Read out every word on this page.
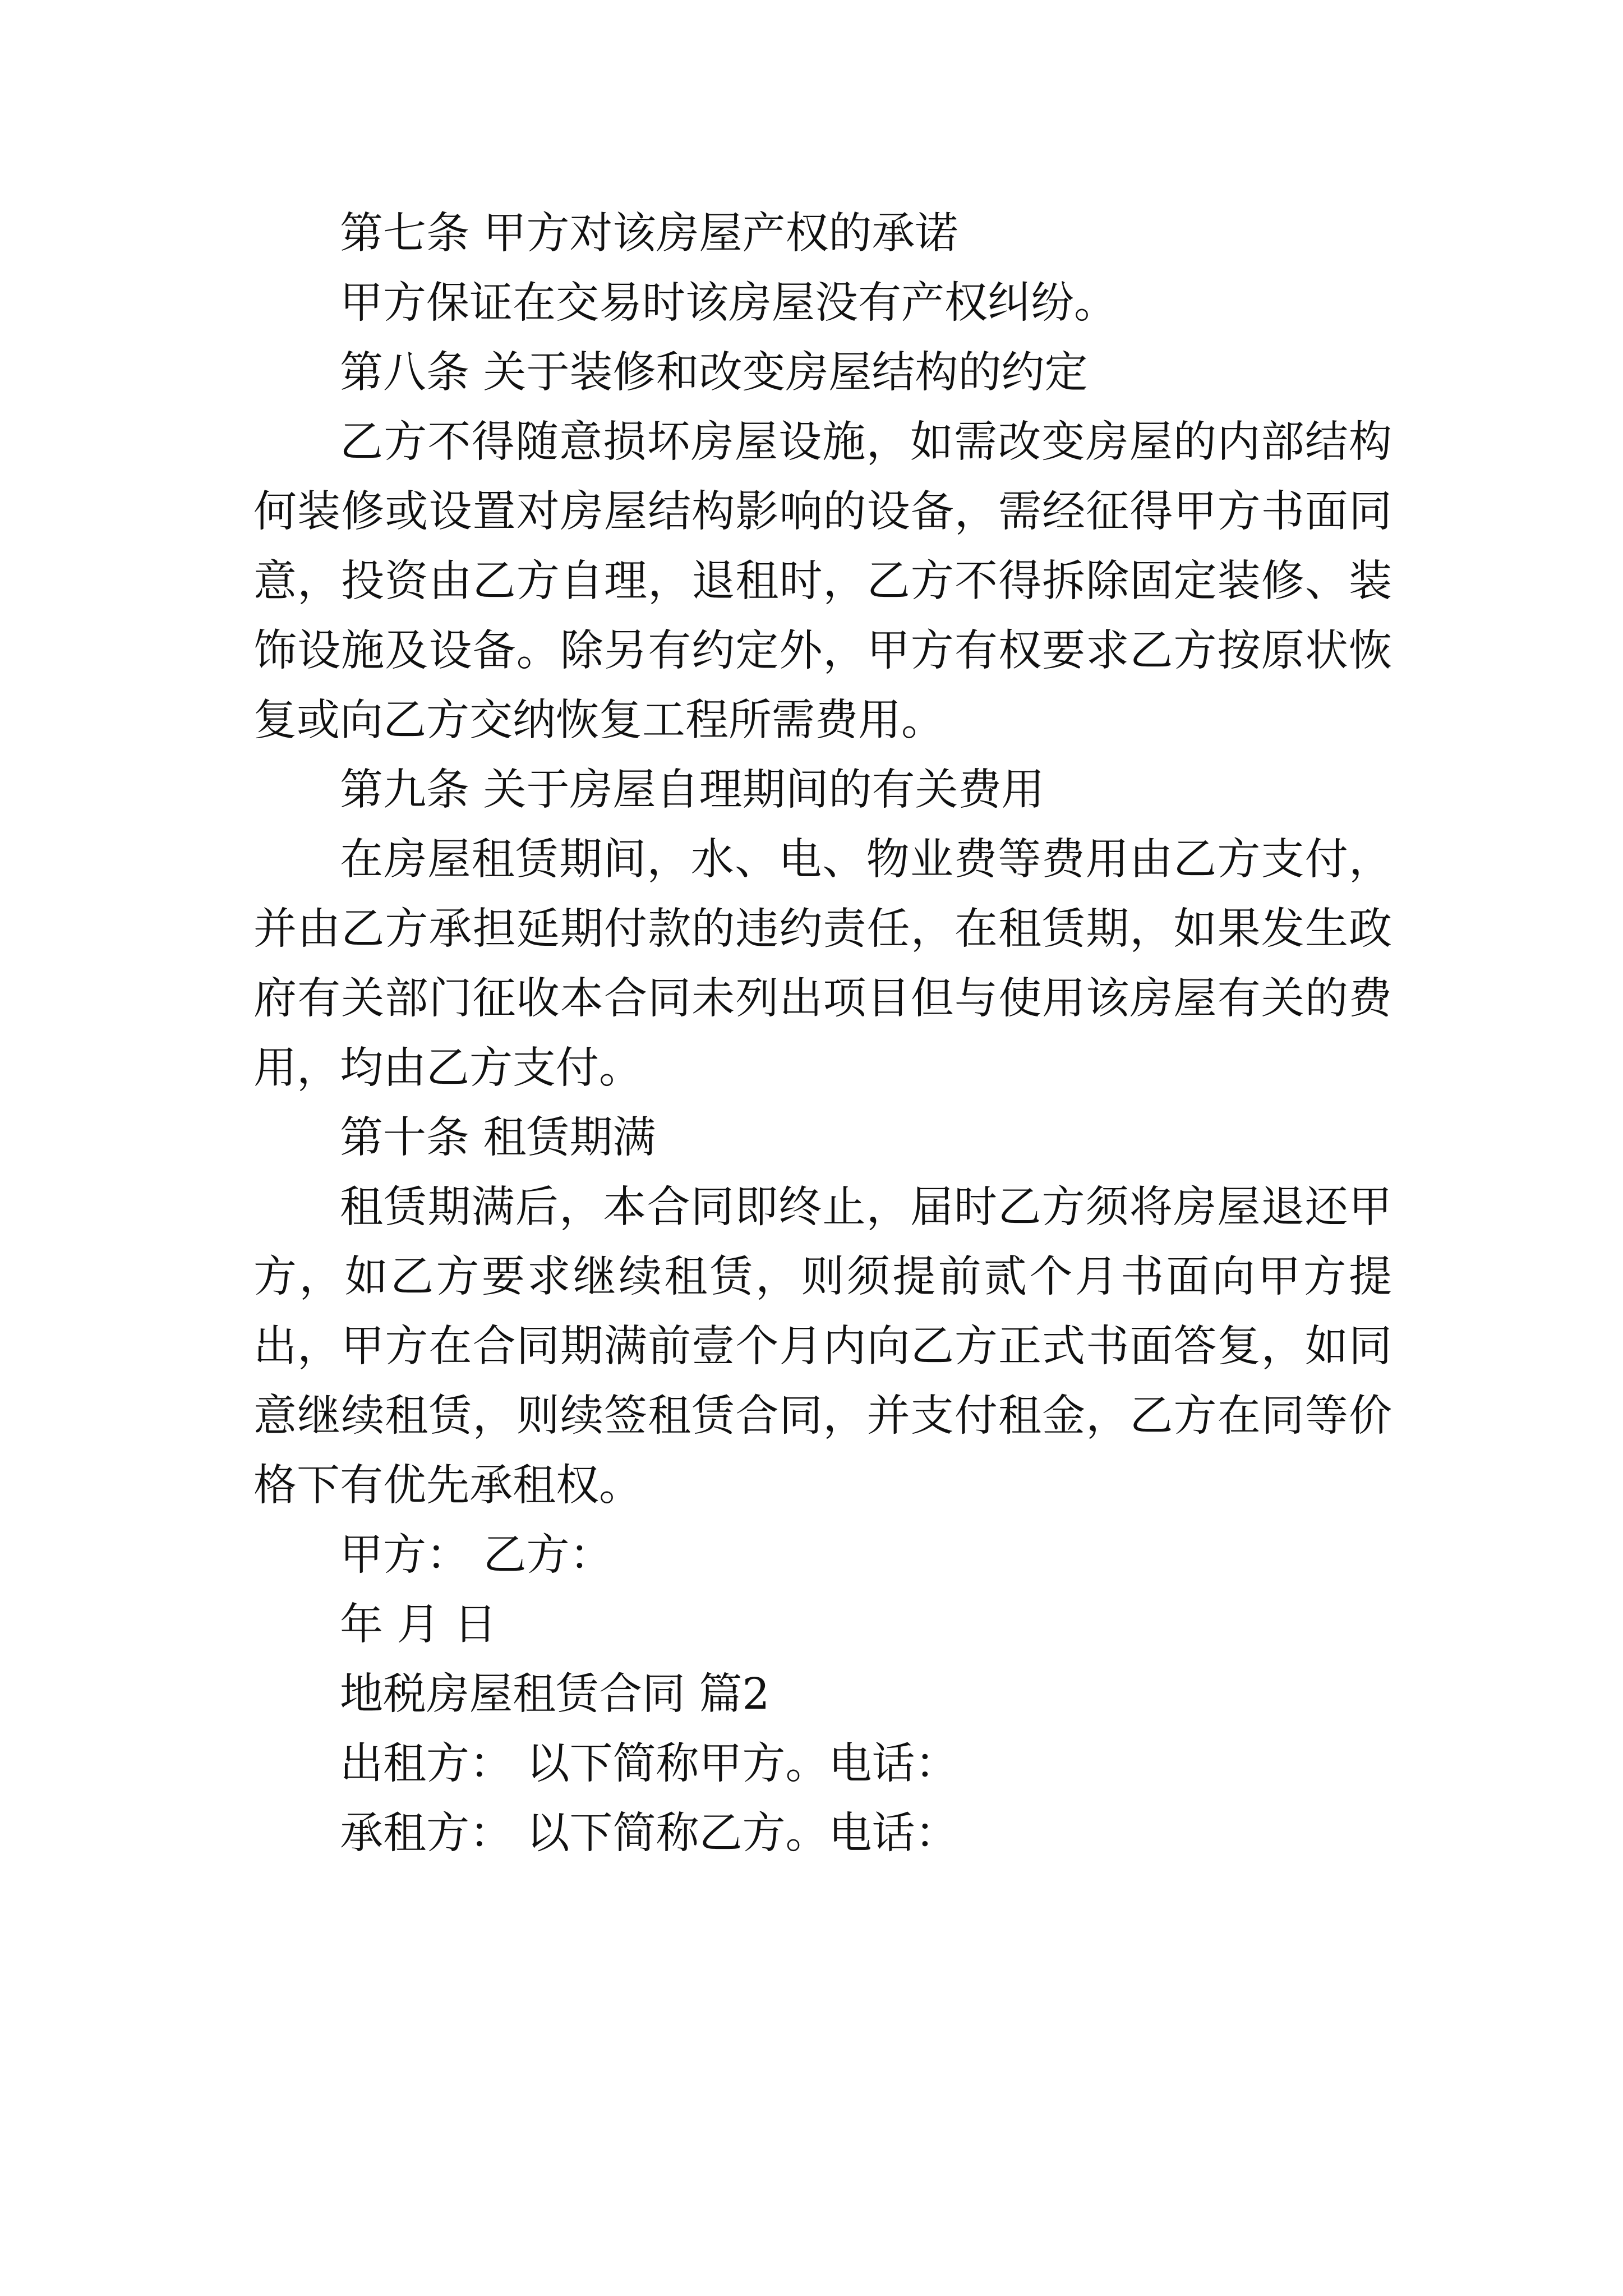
第七条 甲方对该房屋产权的承诺

甲方保证在交易时该房屋没有产权纠纷。

第八条 关于装修和改变房屋结构的约定

乙方不得随意损坏房屋设施，如需改变房屋的内部结构何装修或设置对房屋结构影响的设备，需经征得甲方书面同意，投资由乙方自理，退租时，乙方不得拆除固定装修、装饰设施及设备。除另有约定外，甲方有权要求乙方按原状恢复或向乙方交纳恢复工程所需费用。

第九条 关于房屋自理期间的有关费用

在房屋租赁期间，水、电、物业费等费用由乙方支付，并由乙方承担延期付款的违约责任，在租赁期，如果发生政府有关部门征收本合同未列出项目但与使用该房屋有关的费用，均由乙方支付。

第十条 租赁期满

租赁期满后，本合同即终止，届时乙方须将房屋退还甲方，如乙方要求继续租赁，则须提前贰个月书面向甲方提出，甲方在合同期满前壹个月内向乙方正式书面答复，如同意继续租赁，则续签租赁合同，并支付租金，乙方在同等价格下有优先承租权。

甲方： 乙方：

年 月 日

地税房屋租赁合同 篇2

出租方： 以下简称甲方。电话：

承租方： 以下简称乙方。电话：
